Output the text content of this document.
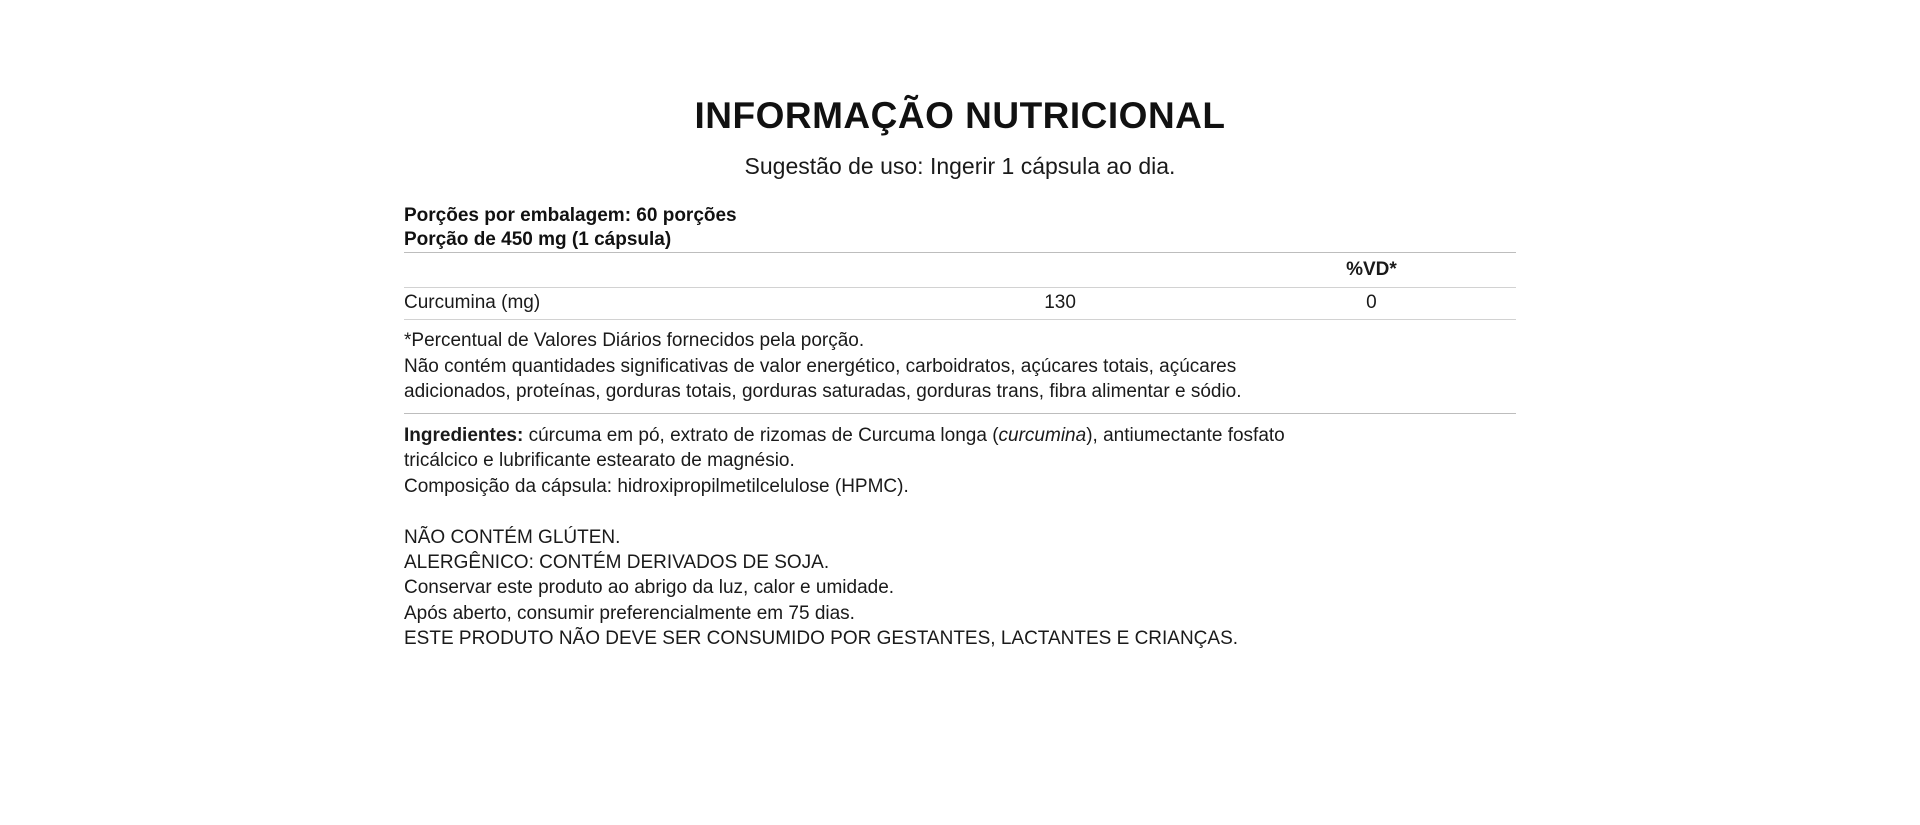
INFORMAÇÃO NUTRICIONAL
Sugestão de uso: Ingerir 1 cápsula ao dia.
Porções por embalagem: 60 porções
Porção de 450 mg (1 cápsula)
		%VD*
Curcumina (mg)	130	0
*Percentual de Valores Diários fornecidos pela porção.
Não contém quantidades significativas de valor energético, carboidratos, açúcares totais, açúcares
adicionados, proteínas, gorduras totais, gorduras saturadas, gorduras trans, fibra alimentar e sódio.
Ingredientes: cúrcuma em pó, extrato de rizomas de Curcuma longa (curcumina), antiumectante fosfato
tricálcico e lubrificante estearato de magnésio.
Composição da cápsula: hidroxipropilmetilcelulose (HPMC).
NÃO CONTÉM GLÚTEN.
ALERGÊNICO: CONTÉM DERIVADOS DE SOJA.
Conservar este produto ao abrigo da luz, calor e umidade.
Após aberto, consumir preferencialmente em 75 dias.
ESTE PRODUTO NÃO DEVE SER CONSUMIDO POR GESTANTES, LACTANTES E CRIANÇAS.
